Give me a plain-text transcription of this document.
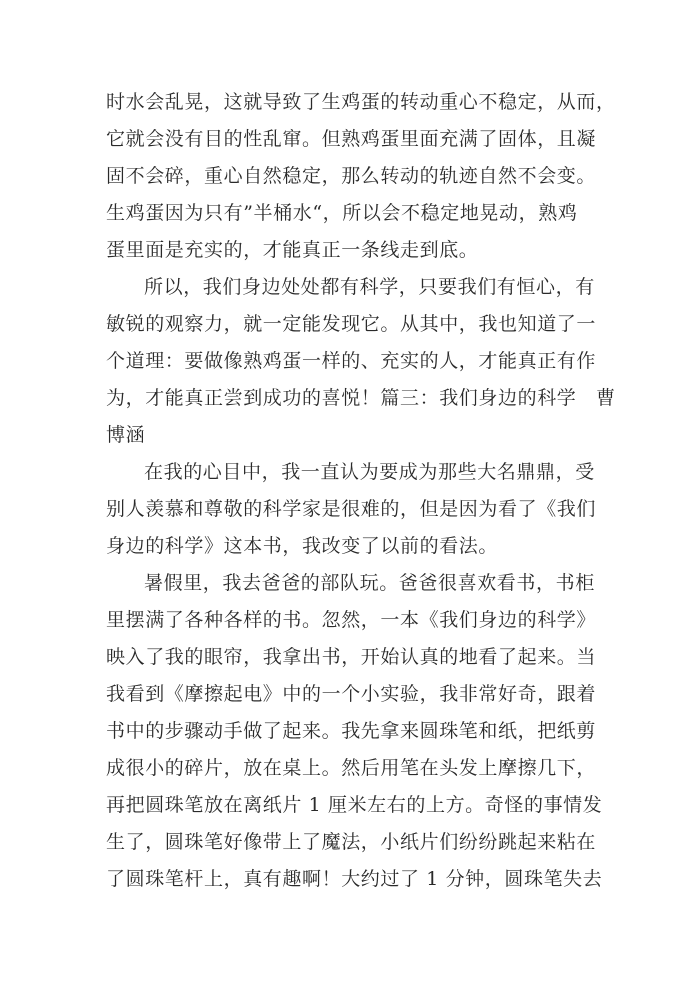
时水会乱晃，这就导致了生鸡蛋的转动重心不稳定，从而，
它就会没有目的性乱窜。但熟鸡蛋里面充满了固体，且凝
固不会碎，重心自然稳定，那么转动的轨迹自然不会变。
生鸡蛋因为只有”半桶水“，所以会不稳定地晃动，熟鸡
蛋里面是充实的，才能真正一条线走到底。
所以，我们身边处处都有科学，只要我们有恒心，有
敏锐的观察力，就一定能发现它。从其中，我也知道了一
个道理：要做像熟鸡蛋一样的、充实的人，才能真正有作
为，才能真正尝到成功的喜悦！篇三：我们身边的科学　曹
博涵
在我的心目中，我一直认为要成为那些大名鼎鼎，受
别人羡慕和尊敬的科学家是很难的，但是因为看了《我们
身边的科学》这本书，我改变了以前的看法。
暑假里，我去爸爸的部队玩。爸爸很喜欢看书，书柜
里摆满了各种各样的书。忽然，一本《我们身边的科学》
映入了我的眼帘，我拿出书，开始认真的地看了起来。当
我看到《摩擦起电》中的一个小实验，我非常好奇，跟着
书中的步骤动手做了起来。我先拿来圆珠笔和纸，把纸剪
成很小的碎片，放在桌上。然后用笔在头发上摩擦几下，
再把圆珠笔放在离纸片 1 厘米左右的上方。奇怪的事情发
生了，圆珠笔好像带上了魔法，小纸片们纷纷跳起来粘在
了圆珠笔杆上，真有趣啊！大约过了 1 分钟，圆珠笔失去
